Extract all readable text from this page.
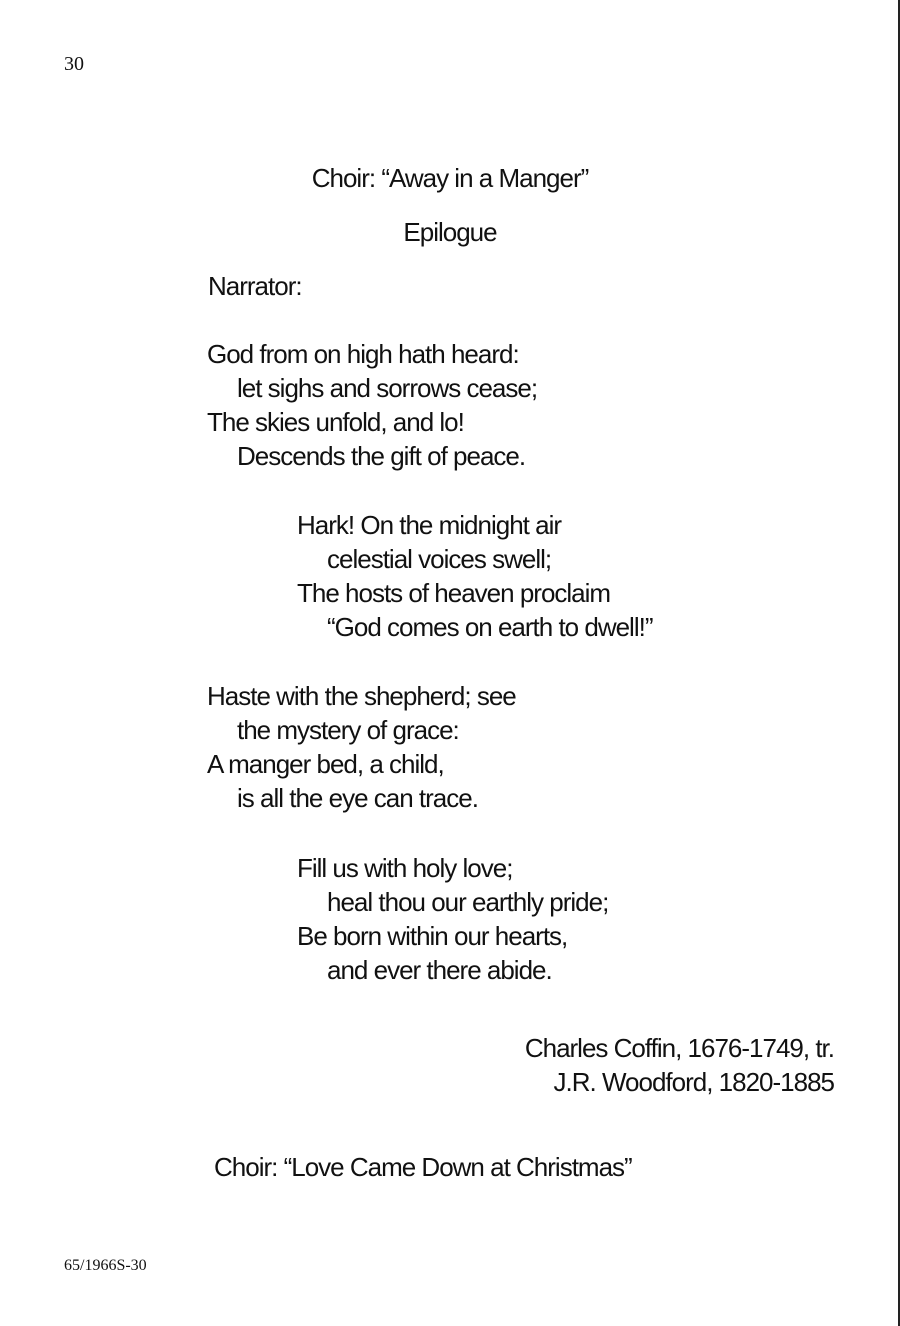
30
Choir: “Away in a Manger”
Epilogue
Narrator:
God from on high hath heard:
let sighs and sorrows cease;
The skies unfold, and lo!
Descends the gift of peace.
Hark! On the midnight air
celestial voices swell;
The hosts of heaven proclaim
“God comes on earth to dwell!”
Haste with the shepherd; see
the mystery of grace:
A manger bed, a child,
is all the eye can trace.
Fill us with holy love;
heal thou our earthly pride;
Be born within our hearts,
and ever there abide.
Charles Coffin, 1676-1749, tr.
J.R. Woodford, 1820-1885
Choir: “Love Came Down at Christmas”
65/1966S-30
